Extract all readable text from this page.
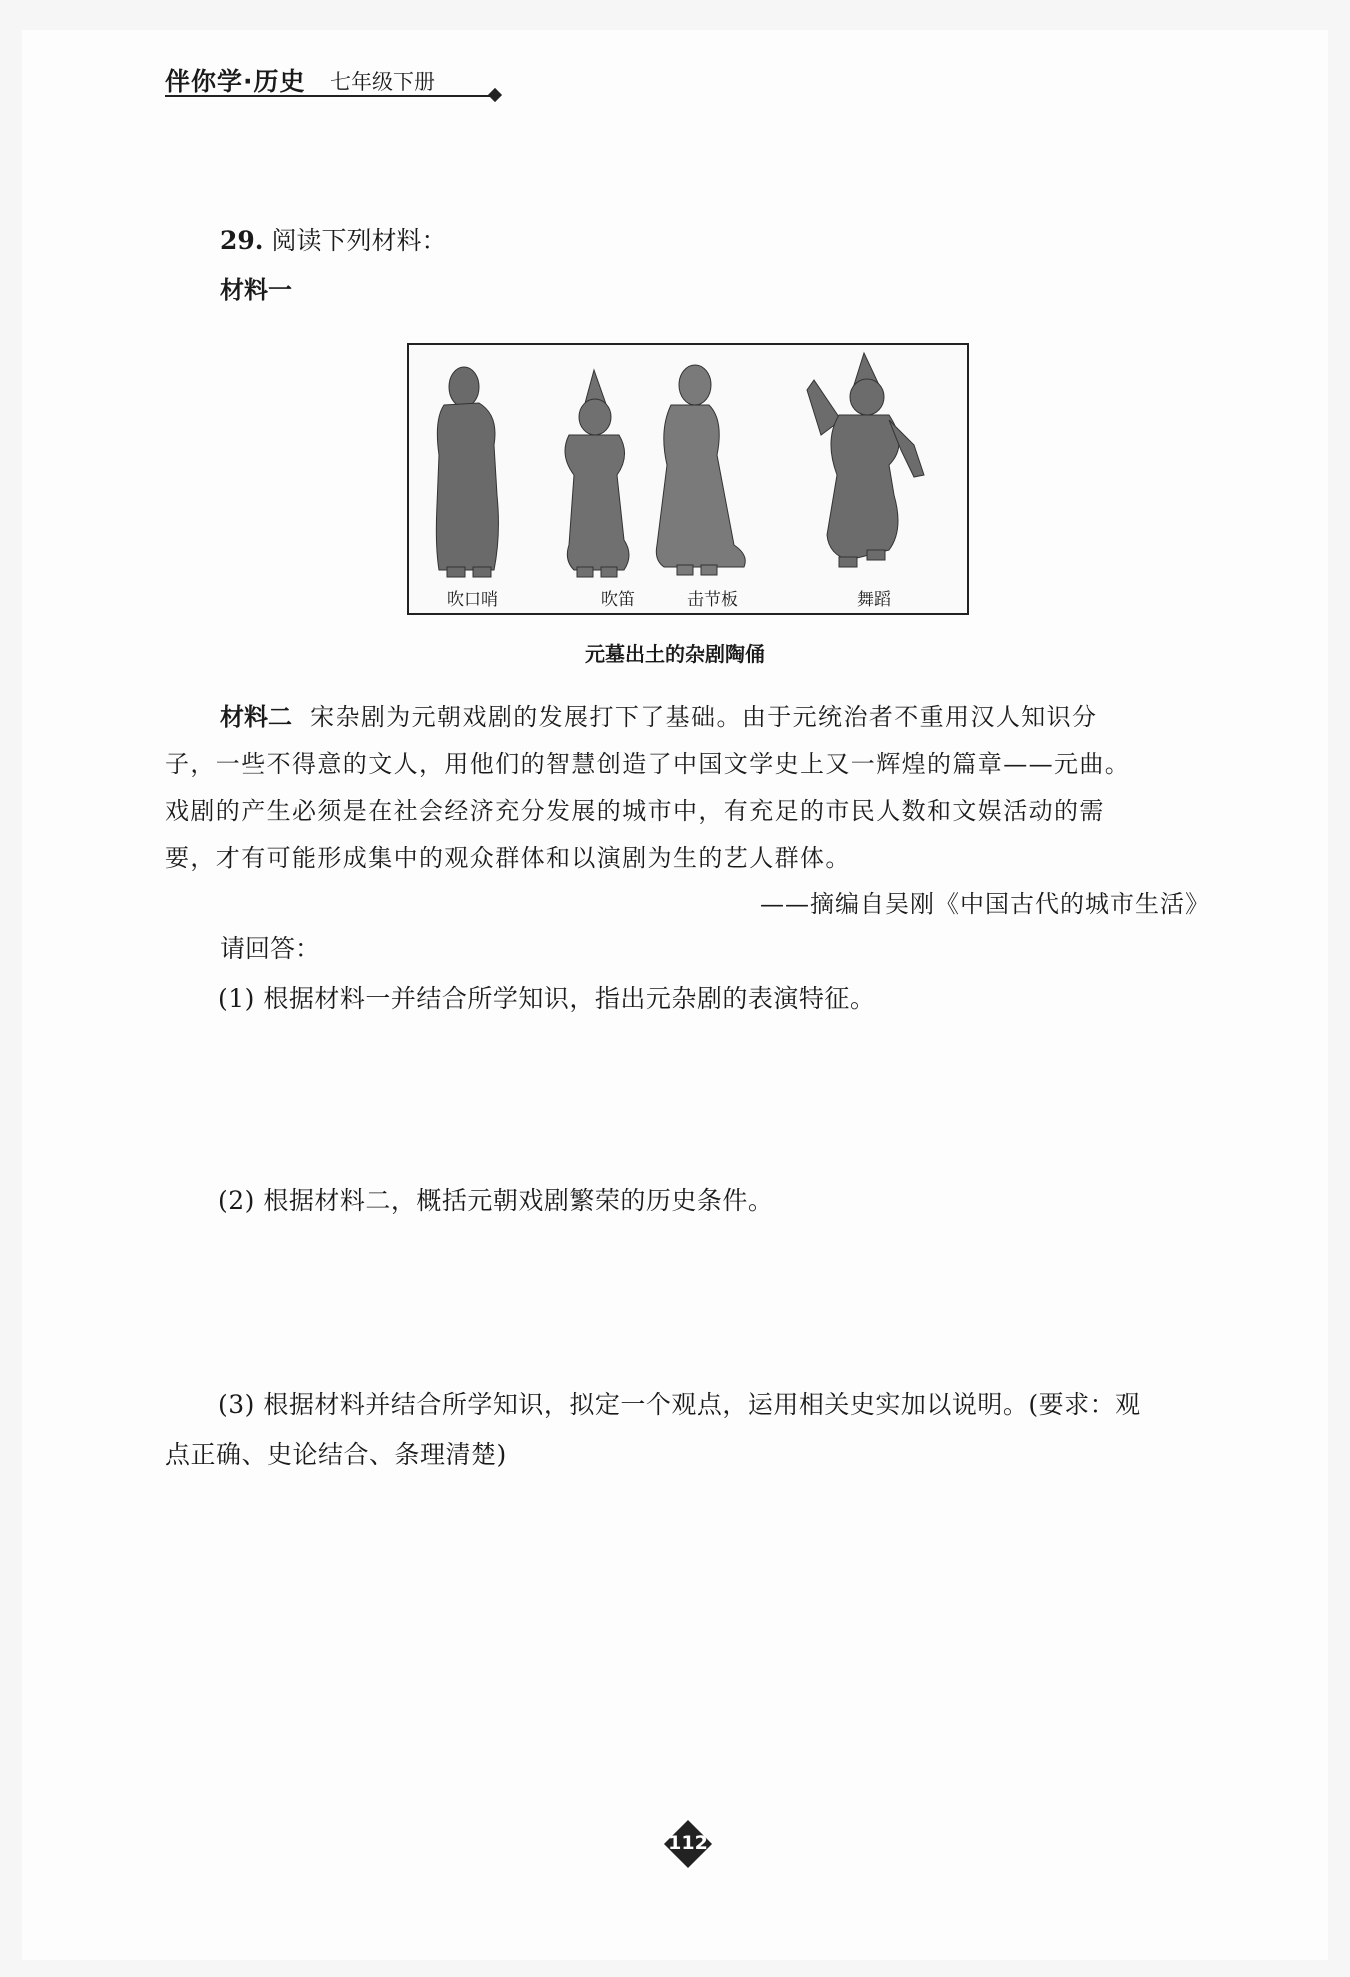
伴你学·历史 七年级下册
29. 阅读下列材料：
材料一
吹口哨	吹笛	击节板	舞蹈
元墓出土的杂剧陶俑
材料二 宋杂剧为元朝戏剧的发展打下了基础。由于元统治者不重用汉人知识分
子，一些不得意的文人，用他们的智慧创造了中国文学史上又一辉煌的篇章——元曲。
戏剧的产生必须是在社会经济充分发展的城市中，有充足的市民人数和文娱活动的需
要，才有可能形成集中的观众群体和以演剧为生的艺人群体。
——摘编自吴刚《中国古代的城市生活》
请回答：
(1) 根据材料一并结合所学知识，指出元杂剧的表演特征。
(2) 根据材料二，概括元朝戏剧繁荣的历史条件。
(3) 根据材料并结合所学知识，拟定一个观点，运用相关史实加以说明。(要求：观
点正确、史论结合、条理清楚)
112
